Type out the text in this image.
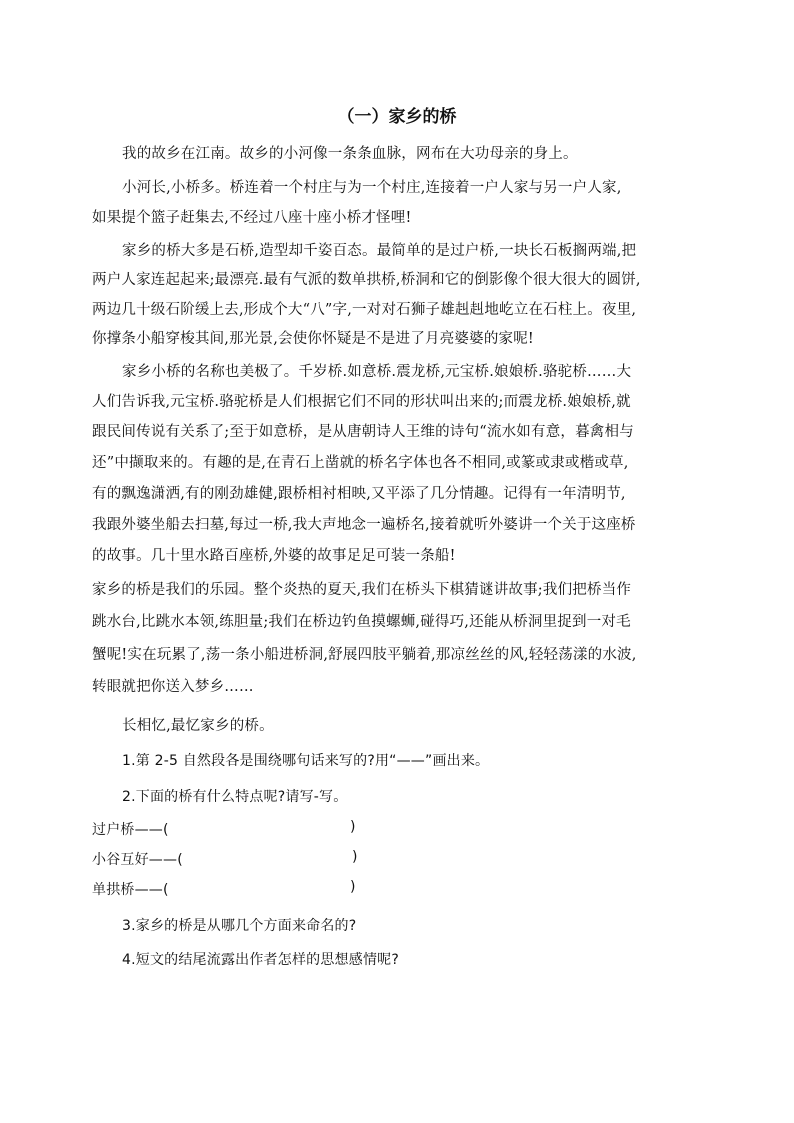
（一）家乡的桥
我的故乡在江南。故乡的小河像一条条血脉，网布在大功母亲的身上。
小河长,小桥多。桥连着一个村庄与为一个村庄,连接着一户人家与另一户人家,
如果提个篮子赶集去,不经过八座十座小桥才怪哩!
家乡的桥大多是石桥,造型却千姿百态。最简单的是过户桥,一块长石板搁两端,把
两户人家连起起来;最漂亮.最有气派的数单拱桥,桥洞和它的倒影像个很大很大的圆饼,
两边几十级石阶缓上去,形成个大“八”字,一对对石狮子雄赳赳地屹立在石柱上。夜里,
你撑条小船穿梭其间,那光景,会使你怀疑是不是进了月亮婆婆的家呢!
家乡小桥的名称也美极了。千岁桥.如意桥.震龙桥,元宝桥.娘娘桥.骆驼桥……大
人们告诉我,元宝桥.骆驼桥是人们根据它们不同的形状叫出来的;而震龙桥.娘娘桥,就
跟民间传说有关系了;至于如意桥，是从唐朝诗人王维的诗句“流水如有意，暮禽相与
还”中撷取来的。有趣的是,在青石上凿就的桥名字体也各不相同,或篆或隶或楷或草,
有的飘逸潇洒,有的刚劲雄健,跟桥相衬相映,又平添了几分情趣。记得有一年清明节,
我跟外婆坐船去扫墓,每过一桥,我大声地念一遍桥名,接着就听外婆讲一个关于这座桥
的故事。几十里水路百座桥,外婆的故事足足可装一条船!
家乡的桥是我们的乐园。整个炎热的夏天,我们在桥头下棋猜谜讲故事;我们把桥当作
跳水台,比跳水本领,练胆量;我们在桥边钓鱼摸螺蛳,碰得巧,还能从桥洞里捉到一对毛
蟹呢!实在玩累了,荡一条小船进桥洞,舒展四肢平躺着,那凉丝丝的风,轻轻荡漾的水波,
转眼就把你送入梦乡……
长相忆,最忆家乡的桥。
1.第 2-5 自然段各是围绕哪句话来写的?用“——”画出来。
2.下面的桥有什么特点呢?请写-写。
过户桥——(	)
小谷互好——(	)
单拱桥——(	)
3.家乡的桥是从哪几个方面来命名的?
4.短文的结尾流露出作者怎样的思想感情呢?
